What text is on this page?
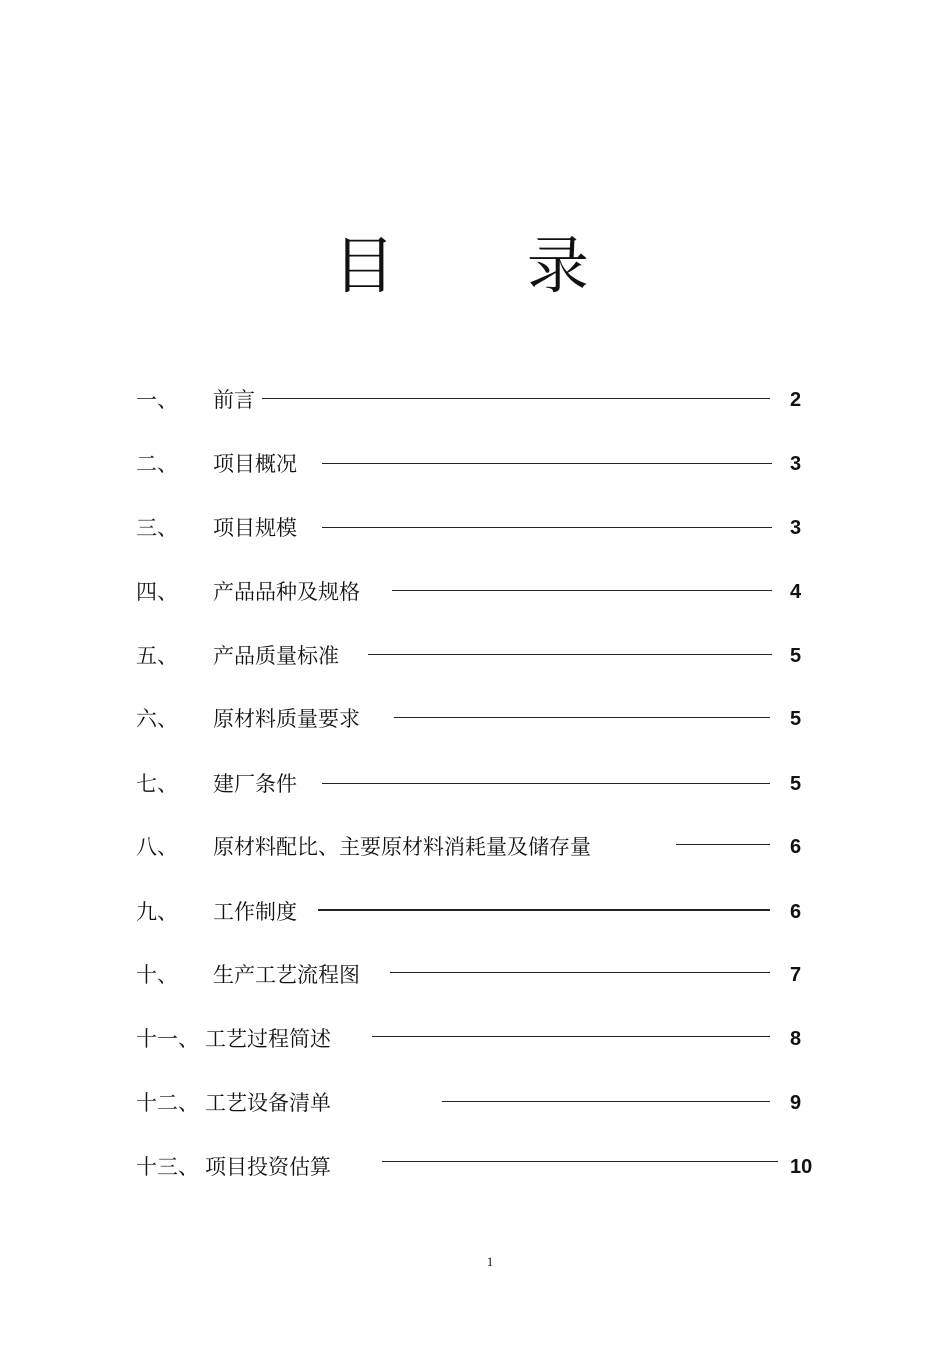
目 录
一、 前言	2
二、 项目概况	3
三、 项目规模	3
四、 产品品种及规格	4
五、 产品质量标准	5
六、 原材料质量要求	5
七、 建厂条件	5
八、 原材料配比、主要原材料消耗量及储存量	6
九、 工作制度	6
十、 生产工艺流程图	7
十一、 工艺过程简述	8
十二、 工艺设备清单	9
十三、 项目投资估算	10
1
